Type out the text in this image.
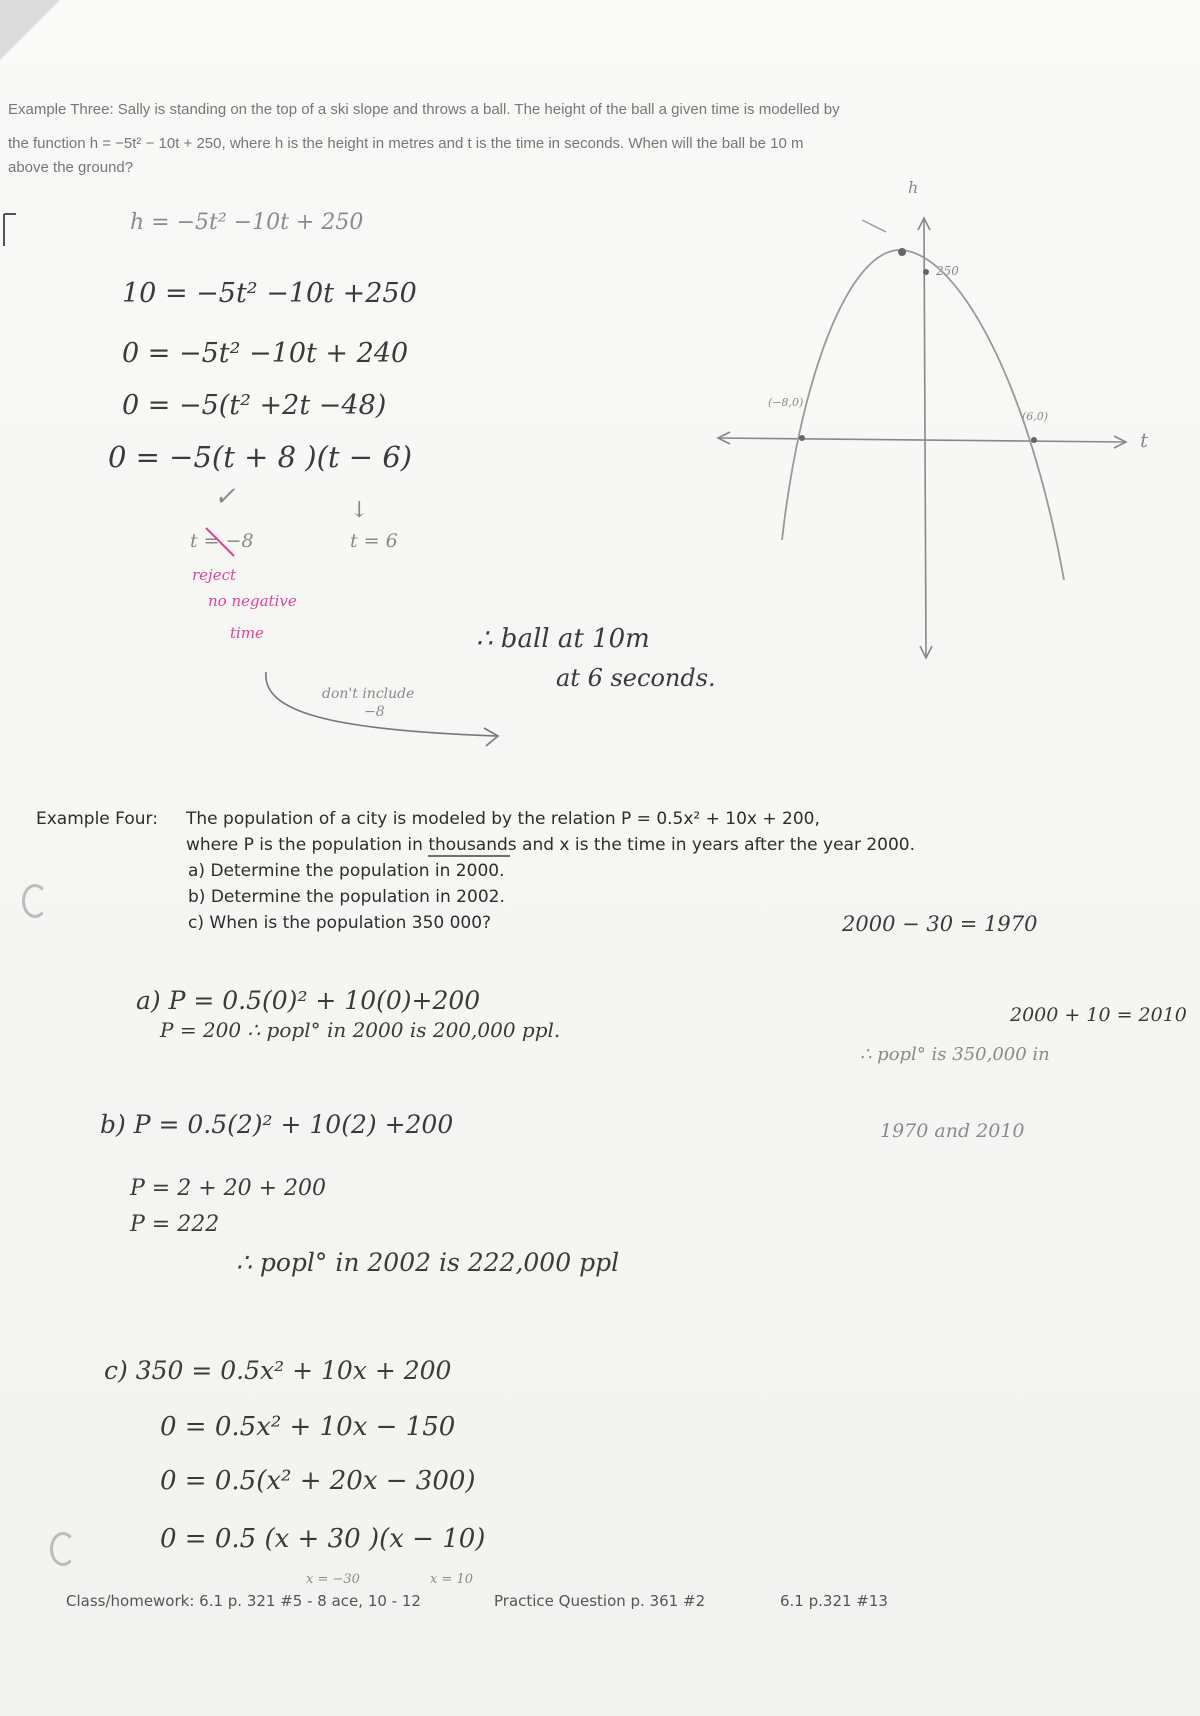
Example Three: Sally is standing on the top of a ski slope and throws a ball. The height of the ball a given time is modelled by
the function h = −5t² − 10t + 250, where h is the height in metres and t is the time in seconds. When will the ball be 10 m
above the ground?
h = −5t² −10t + 250
10 = −5t² −10t +250
0 = −5t² −10t + 240
0 = −5(t² +2t −48)
0 = −5(t + 8 )(t − 6)
✓	↓
t = −8	t = 6
reject
no negative
time	∴ ball at 10m
at 6 seconds.
don't include
−8
h
t
250
(−8,0)
(6,0)
Example Four: The population of a city is modeled by the relation P = 0.5x² + 10x + 200,
where P is the population in thousands and x is the time in years after the year 2000.
a) Determine the population in 2000.
b) Determine the population in 2002.
c) When is the population 350 000?
a) P = 0.5(0)² + 10(0)+200
P = 200 ∴ popl° in 2000 is 200,000 ppl.
b) P = 0.5(2)² + 10(2) +200
P = 2 + 20 + 200
P = 222
∴ popl° in 2002 is 222,000 ppl
c) 350 = 0.5x² + 10x + 200
0 = 0.5x² + 10x − 150
0 = 0.5(x² + 20x − 300)
0 = 0.5 (x + 30 )(x − 10)
x = −30	x = 10
2000 − 30 = 1970
2000 + 10 = 2010
∴ popl° is 350,000 in
1970 and 2010
Class/homework: 6.1 p. 321 #5 - 8 ace, 10 - 12	Practice Question p. 361 #2	6.1 p.321 #13
